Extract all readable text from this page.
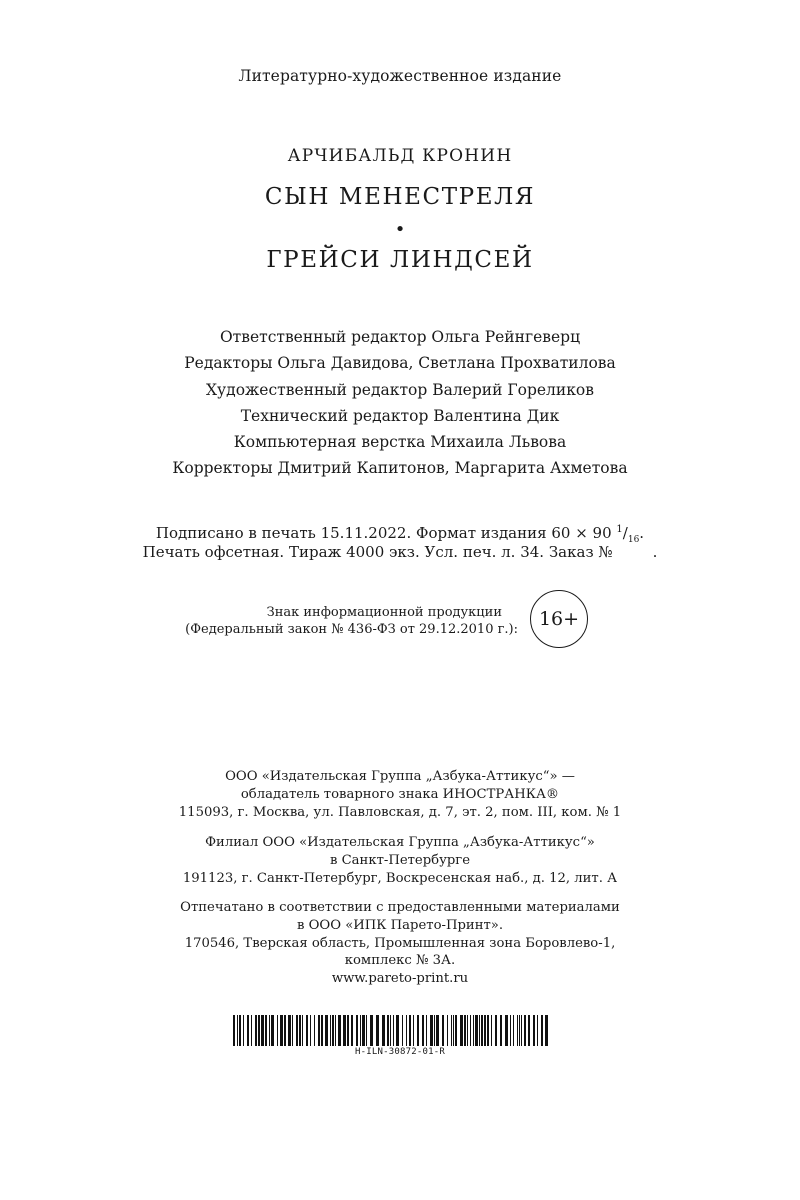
Литературно-художественное издание
АРЧИБАЛЬД КРОНИН
СЫН МЕНЕСТРЕЛЯ
•
ГРЕЙСИ ЛИНДСЕЙ
Ответственный редактор Ольга Рейнгеверц
Редакторы Ольга Давидова, Светлана Прохватилова
Художественный редактор Валерий Гореликов
Технический редактор Валентина Дик
Компьютерная верстка Михаила Львова
Корректоры Дмитрий Капитонов, Маргарита Ахметова
Подписано в печать 15.11.2022. Формат издания 60 × 90 $^1/_{16}$.
Печать офсетная. Тираж 4000 экз. Усл. печ. л. 34. Заказ №	.
Знак информационной продукции
(Федеральный закон № 436-ФЗ от 29.12.2010 г.):	16+
ООО «Издательская Группа „Азбука-Аттикус“» —
обладатель товарного знака ИНОСТРАНКА®
115093, г. Москва, ул. Павловская, д. 7, эт. 2, пом. III, ком. № 1
Филиал ООО «Издательская Группа „Азбука-Аттикус“»
в Санкт-Петербурге
191123, г. Санкт-Петербург, Воскресенская наб., д. 12, лит. А
Отпечатано в соответствии с предоставленными материалами
в ООО «ИПК Парето-Принт».
170546, Тверская область, Промышленная зона Боровлево-1,
комплекс № 3А.
www.pareto-print.ru
H-ILN-30872-01-R
